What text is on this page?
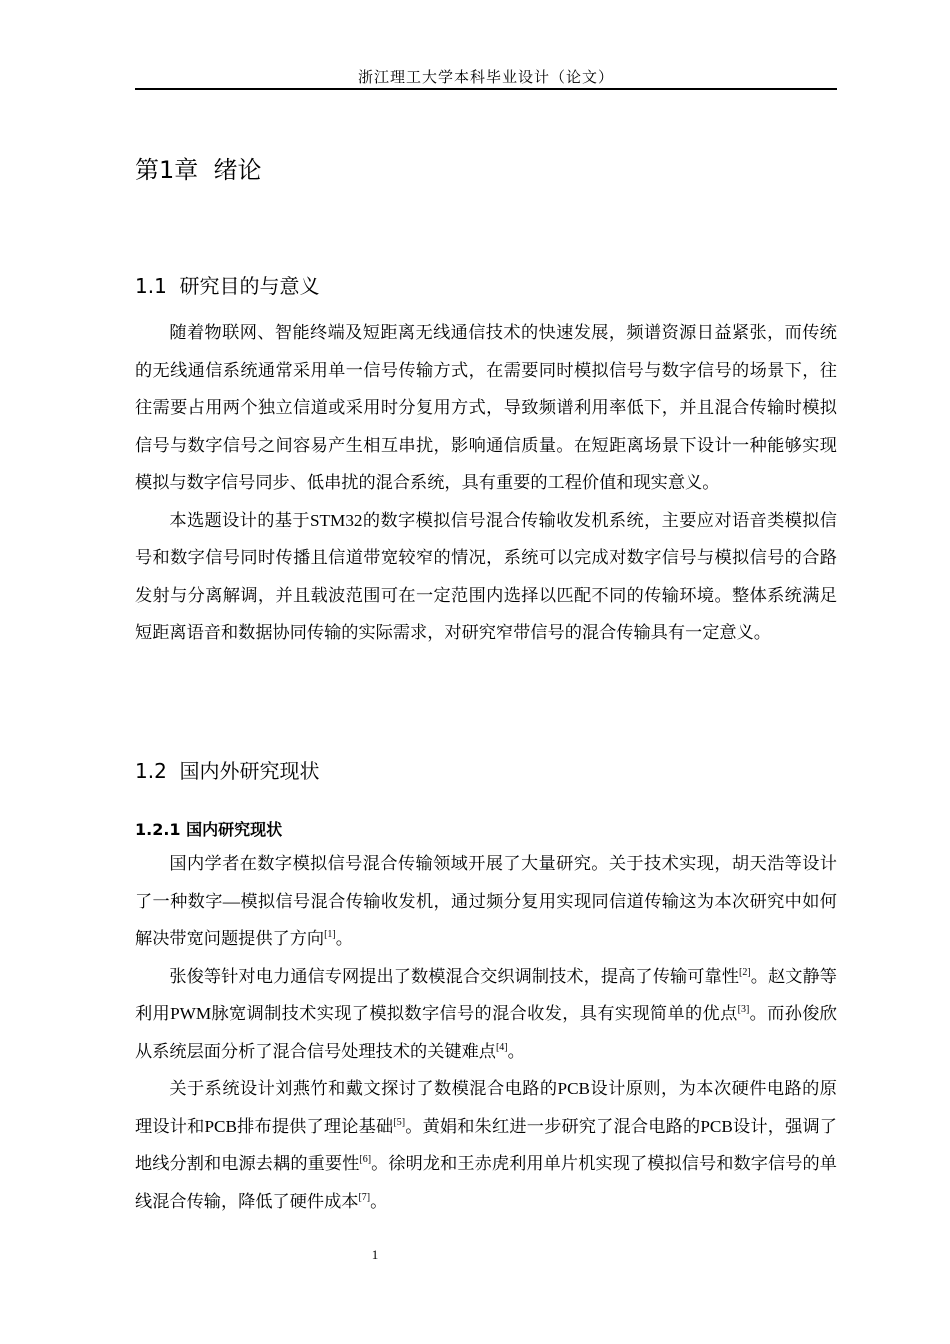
浙江理工大学本科毕业设计（论文）
第1章  绪论
1.1  研究目的与意义

随着物联网、智能终端及短距离无线通信技术的快速发展，频谱资源日益紧张，而传统的无线通信系统通常采用单一信号传输方式，在需要同时模拟信号与数字信号的场景下，往往需要占用两个独立信道或采用时分复用方式，导致频谱利用率低下，并且混合传输时模拟信号与数字信号之间容易产生相互串扰，影响通信质量。在短距离场景下设计一种能够实现模拟与数字信号同步、低串扰的混合系统，具有重要的工程价值和现实意义。

本选题设计的基于STM32的数字模拟信号混合传输收发机系统，主要应对语音类模拟信号和数字信号同时传播且信道带宽较窄的情况，系统可以完成对数字信号与模拟信号的合路发射与分离解调，并且载波范围可在一定范围内选择以匹配不同的传输环境。整体系统满足短距离语音和数据协同传输的实际需求，对研究窄带信号的混合传输具有一定意义。

1.2  国内外研究现状
1.2.1 国内研究现状

国内学者在数字模拟信号混合传输领域开展了大量研究。关于技术实现，胡天浩等设计了一种数字—模拟信号混合传输收发机，通过频分复用实现同信道传输这为本次研究中如何解决带宽问题提供了方向[1]。

张俊等针对电力通信专网提出了数模混合交织调制技术，提高了传输可靠性[2]。赵文静等利用PWM脉宽调制技术实现了模拟数字信号的混合收发，具有实现简单的优点[3]。而孙俊欣从系统层面分析了混合信号处理技术的关键难点[4]。

关于系统设计刘燕竹和戴文探讨了数模混合电路的PCB设计原则，为本次硬件电路的原理设计和PCB排布提供了理论基础[5]。黄娟和朱红进一步研究了混合电路的PCB设计，强调了地线分割和电源去耦的重要性[6]。徐明龙和王赤虎利用单片机实现了模拟信号和数字信号的单线混合传输，降低了硬件成本[7]。

1
